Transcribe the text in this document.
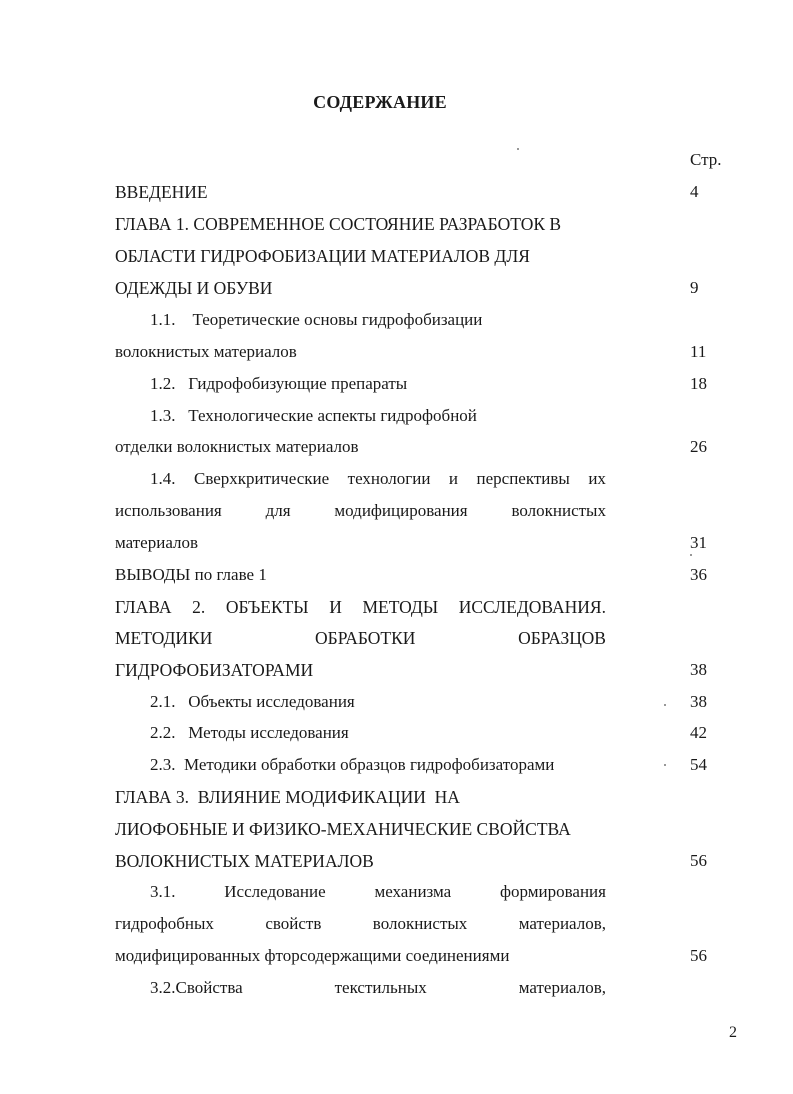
СОДЕРЖАНИЕ
Стр.
ВВЕДЕНИЕ	4
ГЛАВА 1. СОВРЕМЕННОЕ СОСТОЯНИЕ РАЗРАБОТОК В
ОБЛАСТИ ГИДРОФОБИЗАЦИИ МАТЕРИАЛОВ ДЛЯ
ОДЕЖДЫ И ОБУВИ	9
1.1.    Теоретические основы гидрофобизации
волокнистых материалов	11
1.2.   Гидрофобизующие препараты	18
1.3.   Технологические аспекты гидрофобной
отделки волокнистых материалов	26
1.4. Сверхкритические технологии и перспективы их
использования	для	модифицирования	волокнистых
материалов	31
ВЫВОДЫ по главе 1	36
ГЛАВА 2. ОБЪЕКТЫ И МЕТОДЫ ИССЛЕДОВАНИЯ.
МЕТОДИКИ	ОБРАБОТКИ	ОБРАЗЦОВ
ГИДРОФОБИЗАТОРАМИ	38
2.1.   Объекты исследования	38
2.2.   Методы исследования	42
2.3.  Методики обработки образцов гидрофобизаторами	54
ГЛАВА 3.  ВЛИЯНИЕ МОДИФИКАЦИИ  НА
ЛИОФОБНЫЕ И ФИЗИКО-МЕХАНИЧЕСКИЕ СВОЙСТВА
ВОЛОКНИСТЫХ МАТЕРИАЛОВ	56
3.1.	Исследование	механизма	формирования
гидрофобных	свойств	волокнистых	материалов,
модифицированных фторсодержащими соединениями	56
3.2.Свойства	текстильных	материалов,
2
